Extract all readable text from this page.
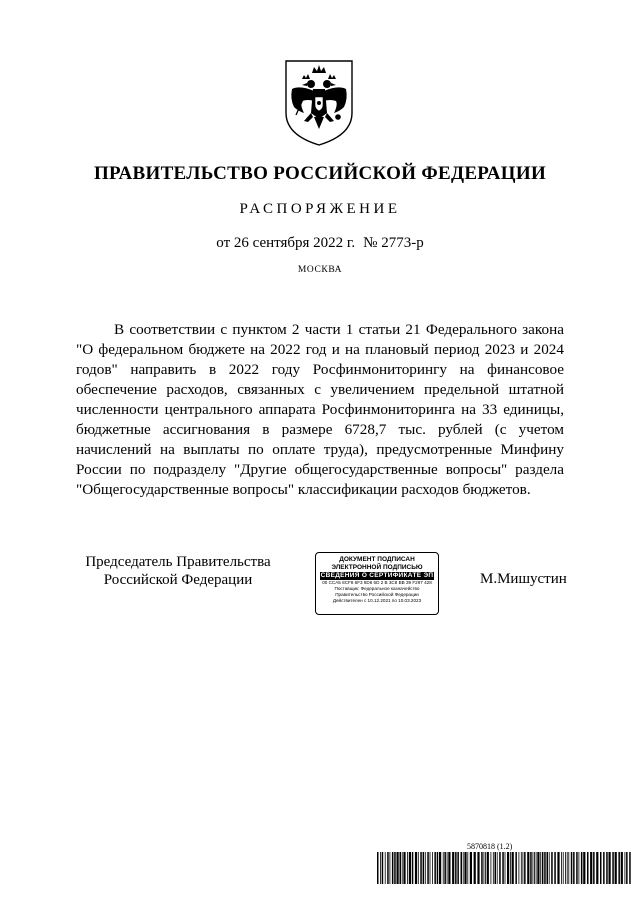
ПРАВИТЕЛЬСТВО РОССИЙСКОЙ ФЕДЕРАЦИИ
РАСПОРЯЖЕНИЕ
от 26 сентября 2022 г. № 2773-р
МОСКВА
В соответствии с пунктом 2 части 1 статьи 21 Федерального закона "О федеральном бюджете на 2022 год и на плановый период 2023 и 2024 годов" направить в 2022 году Росфинмониторингу на финансовое обеспечение расходов, связанных с увеличением предельной штатной численности центрального аппарата Росфинмониторинга на 33 единицы, бюджетные ассигнования в размере 6728,7 тыс. рублей (с учетом начислений на выплаты по оплате труда), предусмотренные Минфину России по подразделу "Другие общегосударственные вопросы" раздела "Общегосударственные вопросы" классификации расходов бюджетов.
Председатель Правительства
Российской Федерации
ДОКУМЕНТ ПОДПИСАН
ЭЛЕКТРОННОЙ ПОДПИСЬЮ
СВЕДЕНИЯ О СЕРТИФИКАТЕ ЭП
00 CCA5 8CF8 6F3 8D6 6D 2 B 3C8 BB 39 F297 428
Поставщик: Федеральное казначейство
Правительство Российской Федерации
Действителен с 10.12.2021 по 10.03.2023
М.Мишустин
5870818 (1.2)
